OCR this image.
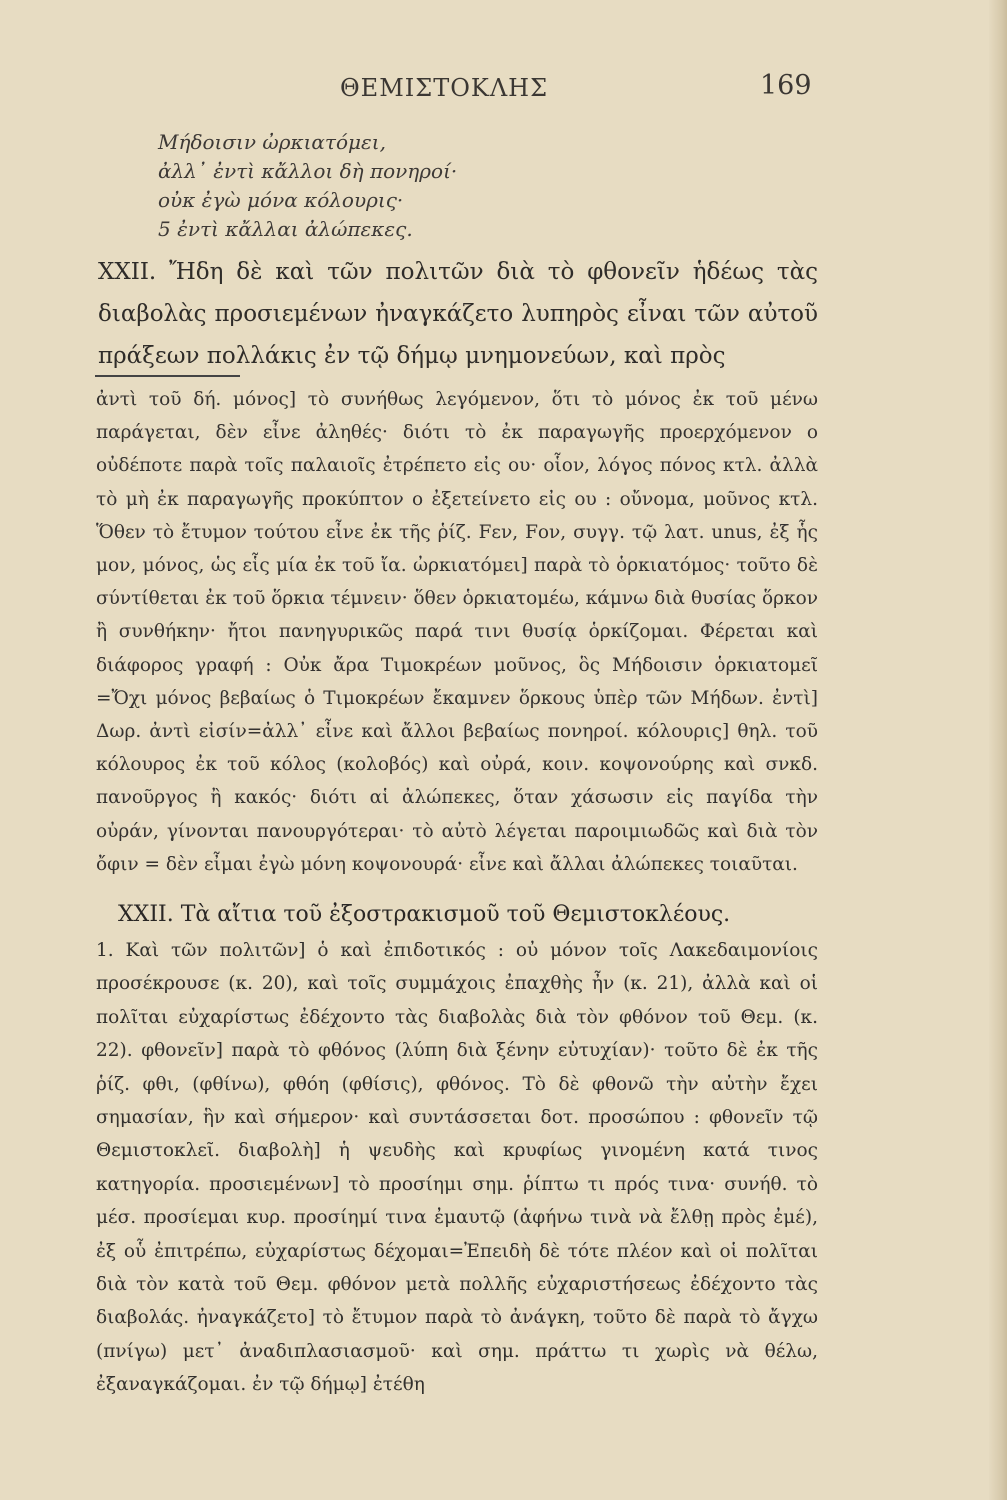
ΘΕΜΙΣΤΟΚΛΗΣ	169
Μήδοισιν ὠρκιατόμει,
ἀλλ᾽ ἐντὶ κἄλλοι δὴ πονηροί·
οὐκ ἐγὼ μόνα κόλουρις·
5 ἐντὶ κἄλλαι ἀλώπεκες.

XXII. Ἤδη δὲ καὶ τῶν πολιτῶν διὰ τὸ φθονεῖν ἡδέως τὰς διαβολὰς προσιεμένων ἠναγκάζετο λυπηρὸς εἶναι τῶν αὐτοῦ πράξεων πολλάκις ἐν τῷ δήμῳ μνημονεύων, καὶ πρὸς

ἀντὶ τοῦ δή. μόνος] τὸ συνήθως λεγόμενον, ὅτι τὸ μόνος ἐκ τοῦ μένω παράγεται, δὲν εἶνε ἀληθές· διότι τὸ ἐκ παραγωγῆς προερχόμενον ο οὐδέποτε παρὰ τοῖς παλαιοῖς ἐτρέπετο εἰς ου· οἷον, λόγος πόνος κτλ. ἀλλὰ τὸ μὴ ἐκ παραγωγῆς προκύπτον ο ἐξετείνετο εἰς ου : οὔνομα, μοῦνος κτλ. Ὅθεν τὸ ἔτυμον τούτου εἶνε ἐκ τῆς ῥίζ. Fεν, Fον, συγγ. τῷ λατ. unus, ἐξ ἧς μον, μόνος, ὡς εἷς μία ἐκ τοῦ ἴα. ὠρκιατόμει] παρὰ τὸ ὁρκιατόμος· τοῦτο δὲ σύντίθεται ἐκ τοῦ ὅρκια τέμνειν· ὅθεν ὁρκιατομέω, κάμνω διὰ θυσίας ὅρκον ἢ συνθήκην· ἤτοι πανηγυρικῶς παρά τινι θυσίᾳ ὁρκίζομαι. Φέρεται καὶ διάφορος γραφή : Οὐκ ἄρα Τιμοκρέων μοῦνος, ὃς Μήδοισιν ὁρκιατομεῖ =Ὄχι μόνος βεβαίως ὁ Τιμοκρέων ἔκαμνεν ὅρκους ὑπὲρ τῶν Μήδων. ἐντὶ] Δωρ. ἀντὶ εἰσίν=ἀλλ᾽ εἶνε καὶ ἄλλοι βεβαίως πονηροί. κόλουρις] θηλ. τοῦ κόλουρος ἐκ τοῦ κόλος (κολοβός) καὶ οὐρά, κοιν. κοψονούρης καὶ σνκδ. πανοῦργος ἢ κακός· διότι αἱ ἀλώπεκες, ὅταν χάσωσιν εἰς παγίδα τὴν οὐράν, γίνονται πανουργότεραι· τὸ αὐτὸ λέγεται παροιμιωδῶς καὶ διὰ τὸν ὄφιν = δὲν εἶμαι ἐγὼ μόνη κοψονουρά· εἶνε καὶ ἄλλαι ἀλώπεκες τοιαῦται.

XXII. Τὰ αἴτια τοῦ ἐξοστρακισμοῦ τοῦ Θεμιστοκλέους.

1. Καὶ τῶν πολιτῶν] ὁ καὶ ἐπιδοτικός : οὐ μόνον τοῖς Λακεδαιμονίοις προσέκρουσε (κ. 20), καὶ τοῖς συμμάχοις ἐπαχθὴς ἦν (κ. 21), ἀλλὰ καὶ οἱ πολῖται εὐχαρίστως ἐδέχοντο τὰς διαβολὰς διὰ τὸν φθόνον τοῦ Θεμ. (κ. 22). φθονεῖν] παρὰ τὸ φθόνος (λύπη διὰ ξένην εὐτυχίαν)· τοῦτο δὲ ἐκ τῆς ῥίζ. φθι, (φθίνω), φθόη (φθίσις), φθόνος. Τὸ δὲ φθονῶ τὴν αὐτὴν ἔχει σημασίαν, ἣν καὶ σήμερον· καὶ συντάσσεται δοτ. προσώπου : φθονεῖν τῷ Θεμιστοκλεῖ. διαβολὴ] ἡ ψευδὴς καὶ κρυφίως γινομένη κατά τινος κατηγορία. προσιεμένων] τὸ προσίημι σημ. ῥίπτω τι πρός τινα· συνήθ. τὸ μέσ. προσίεμαι κυρ. προσίημί τινα ἐμαυτῷ (ἀφήνω τινὰ νὰ ἔλθῃ πρὸς ἐμέ), ἐξ οὗ ἐπιτρέπω, εὐχαρίστως δέχομαι=Ἐπειδὴ δὲ τότε πλέον καὶ οἱ πολῖται διὰ τὸν κατὰ τοῦ Θεμ. φθόνον μετὰ πολλῆς εὐχαριστήσεως ἐδέχοντο τὰς διαβολάς. ἠναγκάζετο] τὸ ἔτυμον παρὰ τὸ ἀνάγκη, τοῦτο δὲ παρὰ τὸ ἄγχω (πνίγω) μετ᾽ ἀναδιπλασιασμοῦ· καὶ σημ. πράττω τι χωρὶς νὰ θέλω, ἐξαναγκάζομαι. ἐν τῷ δήμῳ] ἐτέθη
